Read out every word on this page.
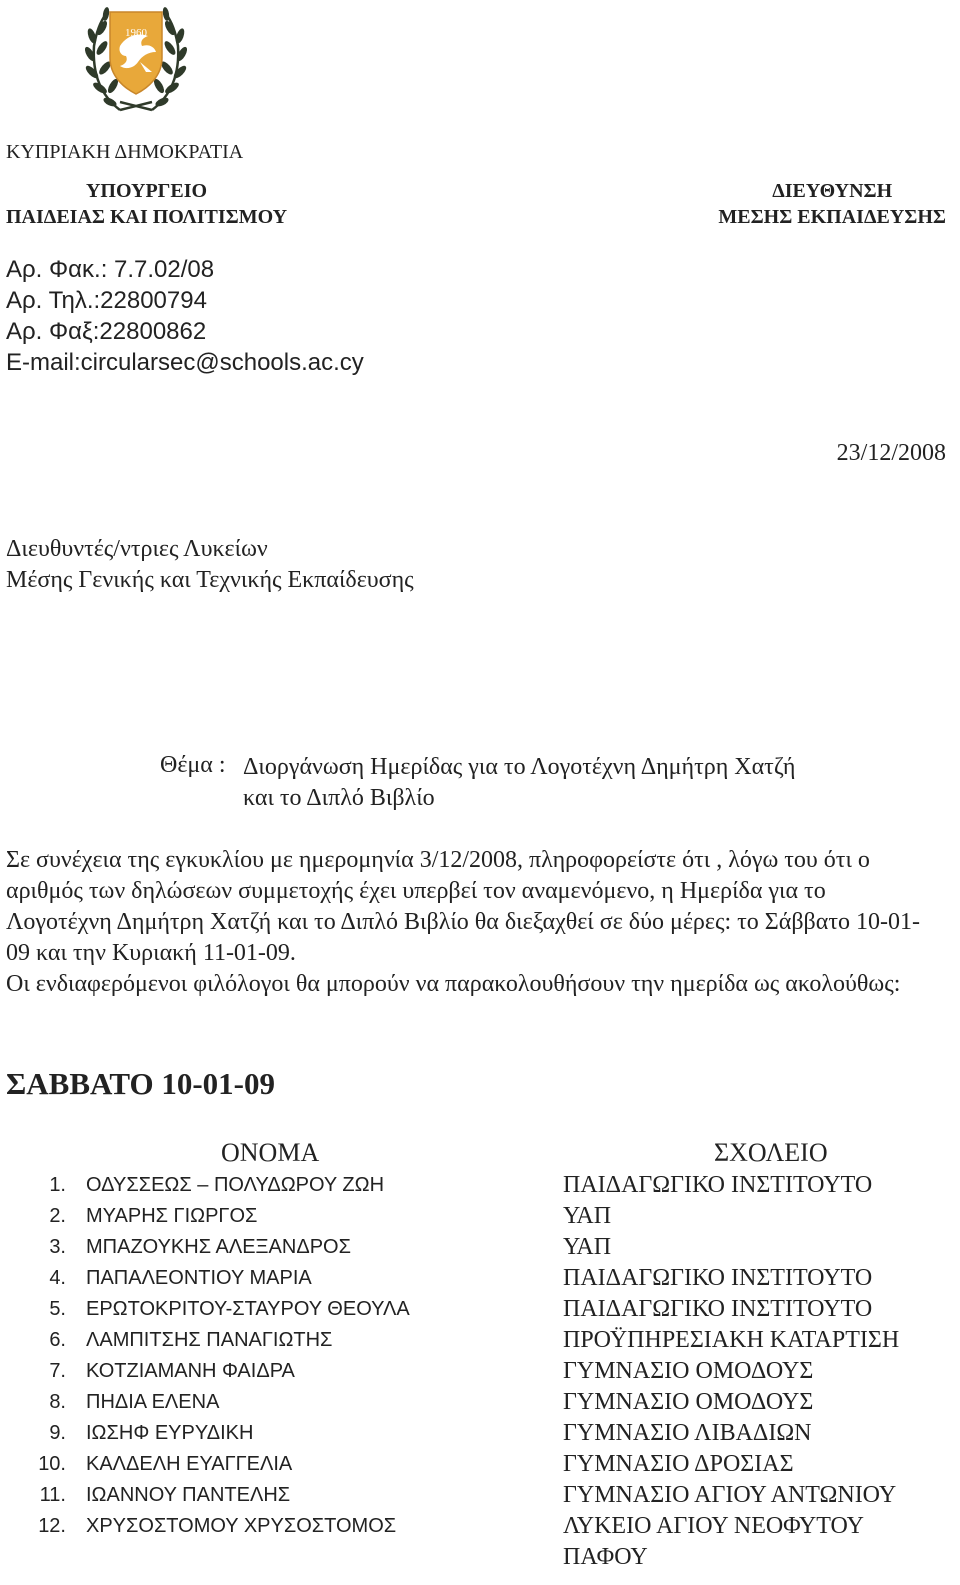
1960
ΚΥΠΡΙΑΚΗ ΔΗΜΟΚΡΑΤΙΑ
ΥΠΟΥΡΓΕΙΟ
ΠΑΙΔΕΙΑΣ ΚΑΙ ΠΟΛΙΤΙΣΜΟΥ
ΔΙΕΥΘΥΝΣΗ
ΜΕΣΗΣ ΕΚΠΑΙΔΕΥΣΗΣ
Αρ. Φακ.: 7.7.02/08
Αρ. Τηλ.:22800794
Αρ. Φαξ:22800862
E-mail:circularsec@schools.ac.cy
23/12/2008
Διευθυντές/ντριες Λυκείων
Μέσης Γενικής και Τεχνικής Εκπαίδευσης
Θέμα : Διοργάνωση Ημερίδας για το Λογοτέχνη Δημήτρη Χατζή
και το Διπλό Βιβλίο

Σε συνέχεια της εγκυκλίου με ημερομηνία 3/12/2008, πληροφορείστε ότι , λόγω του ότι ο αριθμός των δηλώσεων συμμετοχής έχει υπερβεί τον αναμενόμενο, η Ημερίδα για το Λογοτέχνη Δημήτρη Χατζή και το Διπλό Βιβλίο θα διεξαχθεί σε δύο μέρες: το Σάββατο 10-01-09 και την Κυριακή 11-01-09.

Οι ενδιαφερόμενοι φιλόλογοι θα μπορούν να παρακολουθήσουν την ημερίδα ως ακολούθως:

ΣΑΒΒΑΤΟ 10-01-09
ΟΝΟΜΑ	ΣΧΟΛΕΙΟ
1. ΟΔΥΣΣΕΩΣ – ΠΟΛΥΔΩΡΟΥ ΖΩΗ	ΠΑΙΔΑΓΩΓΙΚΟ ΙΝΣΤΙΤΟΥΤΟ
2. ΜΥΑΡΗΣ ΓΙΩΡΓΟΣ	ΥΑΠ
3. ΜΠΑΖΟΥΚΗΣ ΑΛΕΞΑΝΔΡΟΣ	ΥΑΠ
4. ΠΑΠΑΛΕΟΝΤΙΟΥ ΜΑΡΙΑ	ΠΑΙΔΑΓΩΓΙΚΟ ΙΝΣΤΙΤΟΥΤΟ
5. ΕΡΩΤΟΚΡΙΤΟΥ-ΣΤΑΥΡΟΥ ΘΕΟΥΛΑ	ΠΑΙΔΑΓΩΓΙΚΟ ΙΝΣΤΙΤΟΥΤΟ
6. ΛΑΜΠΙΤΣΗΣ ΠΑΝΑΓΙΩΤΗΣ	ΠΡΟΫΠΗΡΕΣΙΑΚΗ ΚΑΤΑΡΤΙΣΗ
7. ΚΟΤΖΙΑΜΑΝΗ ΦΑΙΔΡΑ	ΓΥΜΝΑΣΙΟ ΟΜΟΔΟΥΣ
8. ΠΗΔΙΑ ΕΛΕΝΑ	ΓΥΜΝΑΣΙΟ ΟΜΟΔΟΥΣ
9. ΙΩΣΗΦ ΕΥΡΥΔΙΚΗ	ΓΥΜΝΑΣΙΟ ΛΙΒΑΔΙΩΝ
10. ΚΑΛΔΕΛΗ ΕΥΑΓΓΕΛΙΑ	ΓΥΜΝΑΣΙΟ ΔΡΟΣΙΑΣ
11. ΙΩΑΝΝΟΥ ΠΑΝΤΕΛΗΣ	ΓΥΜΝΑΣΙΟ ΑΓΙΟΥ ΑΝΤΩΝΙΟΥ
12. ΧΡΥΣΟΣΤΟΜΟΥ ΧΡΥΣΟΣΤΟΜΟΣ	ΛΥΚΕΙΟ ΑΓΙΟΥ ΝΕΟΦΥΤΟΥ
ΠΑΦΟΥ
